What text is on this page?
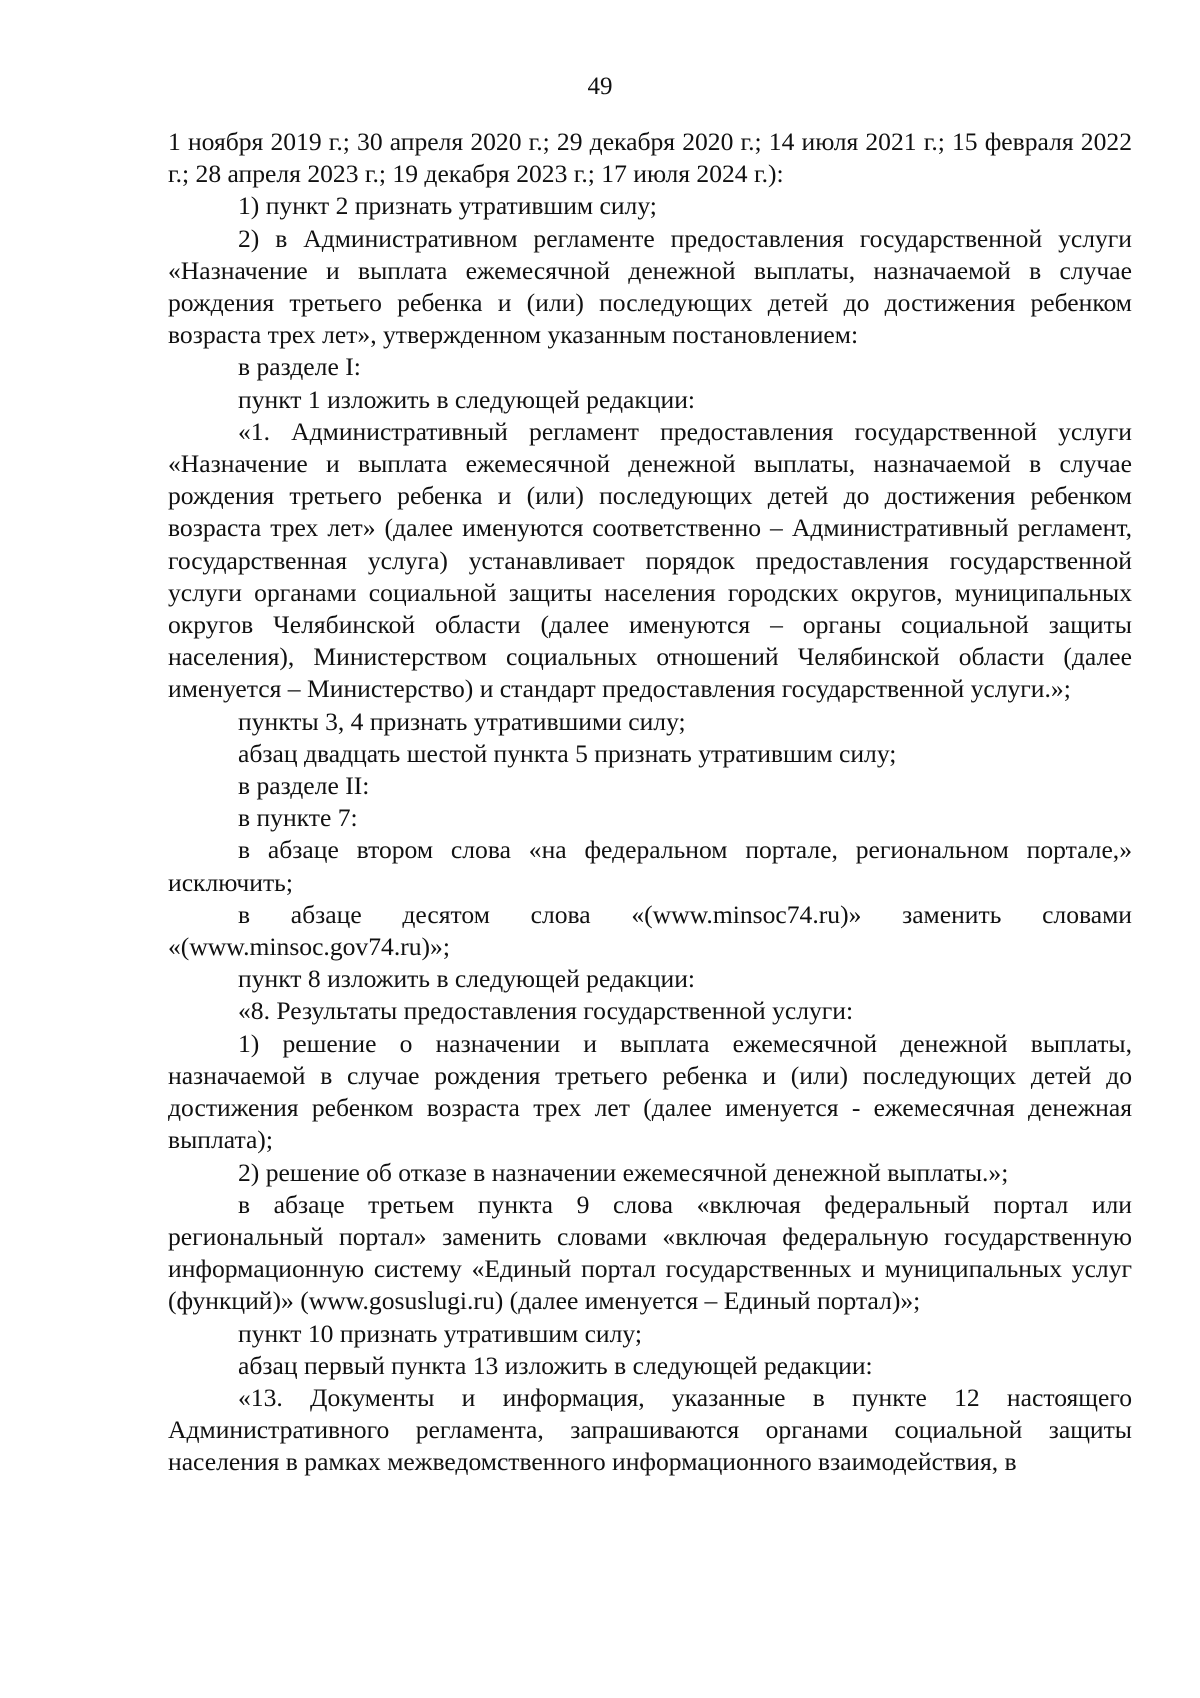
49

1 ноября 2019 г.; 30 апреля 2020 г.; 29 декабря 2020 г.; 14 июля 2021 г.; 15 февраля 2022 г.; 28 апреля 2023 г.; 19 декабря 2023 г.; 17 июля 2024 г.):

1) пункт 2 признать утратившим силу;

2) в Административном регламенте предоставления государственной услуги «Назначение и выплата ежемесячной денежной выплаты, назначаемой в случае рождения третьего ребенка и (или) последующих детей до достижения ребенком возраста трех лет», утвержденном указанным постановлением:

в разделе I:

пункт 1 изложить в следующей редакции:

«1. Административный регламент предоставления государственной услуги «Назначение и выплата ежемесячной денежной выплаты, назначаемой в случае рождения третьего ребенка и (или) последующих детей до достижения ребенком возраста трех лет» (далее именуются соответственно – Административный регламент, государственная услуга) устанавливает порядок предоставления государственной услуги органами социальной защиты населения городских округов, муниципальных округов Челябинской области (далее именуются – органы социальной защиты населения), Министерством социальных отношений Челябинской области (далее именуется – Министерство) и стандарт предоставления государственной услуги.»;

пункты 3, 4 признать утратившими силу;

абзац двадцать шестой пункта 5 признать утратившим силу;

в разделе II:

в пункте 7:

в абзаце втором слова «на федеральном портале, региональном портале,» исключить;

в абзаце десятом слова «(www.minsoc74.ru)» заменить словами «(www.minsoc.gov74.ru)»;

пункт 8 изложить в следующей редакции:

«8. Результаты предоставления государственной услуги:

1) решение о назначении и выплата ежемесячной денежной выплаты, назначаемой в случае рождения третьего ребенка и (или) последующих детей до достижения ребенком возраста трех лет (далее именуется - ежемесячная денежная выплата);

2) решение об отказе в назначении ежемесячной денежной выплаты.»;

в абзаце третьем пункта 9 слова «включая федеральный портал или региональный портал» заменить словами «включая федеральную государственную информационную систему «Единый портал государственных и муниципальных услуг (функций)» (www.gosuslugi.ru) (далее именуется – Единый портал)»;

пункт 10 признать утратившим силу;

абзац первый пункта 13 изложить в следующей редакции:

«13. Документы и информация, указанные в пункте 12 настоящего Административного регламента, запрашиваются органами социальной защиты населения в рамках межведомственного информационного взаимодействия, в
